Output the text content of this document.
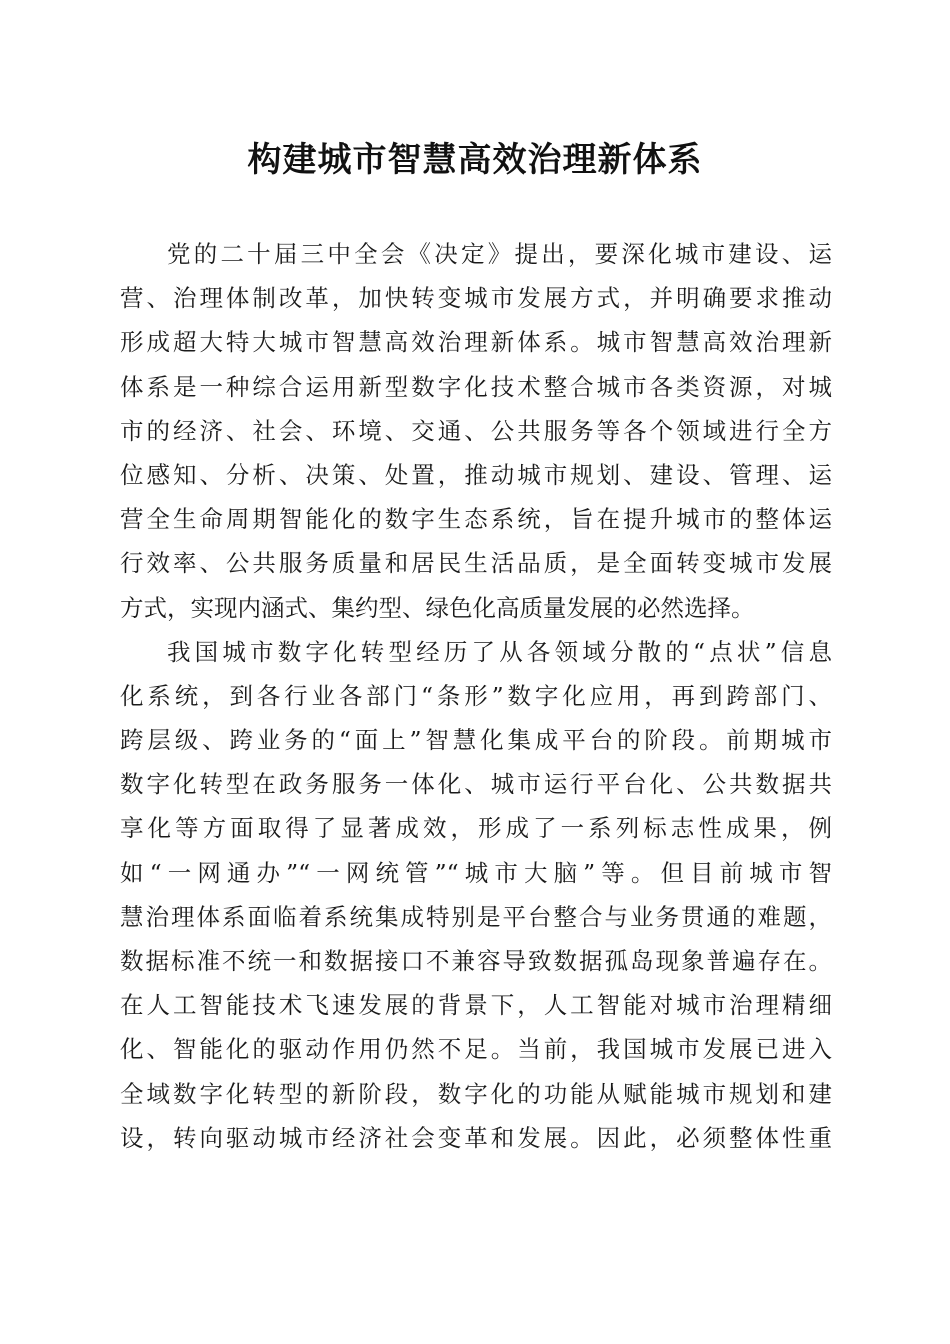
构建城市智慧高效治理新体系
党的二十届三中全会《决定》提出，要深化城市建设、运
营、治理体制改革，加快转变城市发展方式，并明确要求推动
形成超大特大城市智慧高效治理新体系。城市智慧高效治理新
体系是一种综合运用新型数字化技术整合城市各类资源，对城
市的经济、社会、环境、交通、公共服务等各个领域进行全方
位感知、分析、决策、处置，推动城市规划、建设、管理、运
营全生命周期智能化的数字生态系统，旨在提升城市的整体运
行效率、公共服务质量和居民生活品质，是全面转变城市发展
方式，实现内涵式、集约型、绿色化高质量发展的必然选择。
我国城市数字化转型经历了从各领域分散的“点状”信息
化系统，到各行业各部门“条形”数字化应用，再到跨部门、
跨层级、跨业务的“面上”智慧化集成平台的阶段。前期城市
数字化转型在政务服务一体化、城市运行平台化、公共数据共
享化等方面取得了显著成效，形成了一系列标志性成果，例
如“一网通办”“一网统管”“城市大脑”等。但目前城市智
慧治理体系面临着系统集成特别是平台整合与业务贯通的难题，
数据标准不统一和数据接口不兼容导致数据孤岛现象普遍存在。
在人工智能技术飞速发展的背景下，人工智能对城市治理精细
化、智能化的驱动作用仍然不足。当前，我国城市发展已进入
全域数字化转型的新阶段，数字化的功能从赋能城市规划和建
设，转向驱动城市经济社会变革和发展。因此，必须整体性重
